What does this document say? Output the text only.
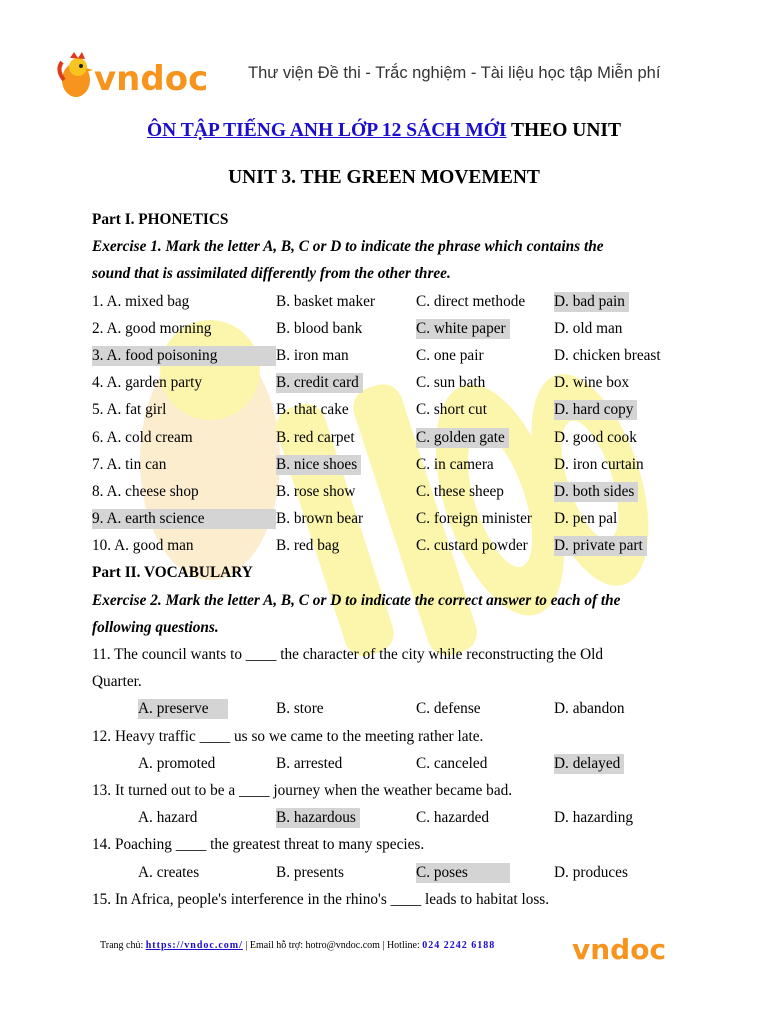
vndoc Thư viện Đề thi - Trắc nghiệm - Tài liệu học tập Miễn phí
ÔN TẬP TIẾNG ANH LỚP 12 SÁCH MỚI THEO UNIT
UNIT 3. THE GREEN MOVEMENT
Part I. PHONETICS
Exercise 1. Mark the letter A, B, C or D to indicate the phrase which contains the
sound that is assimilated differently from the other three.
1. A. mixed bag	B. basket maker	C. direct methode D. bad pain
2. A. good morning	B. blood bank	C. white paper	D. old man
3. A. food poisoning	B. iron man	C. one pair	D. chicken breast
4. A. garden party	B. credit card	C. sun bath	D. wine box
5. A. fat girl	B. that cake	C. short cut	D. hard copy
6. A. cold cream	B. red carpet	C. golden gate	D. good cook
7. A. tin can	B. nice shoes	C. in camera	D. iron curtain
8. A. cheese shop	B. rose show	C. these sheep	D. both sides
9. A. earth science	B. brown bear	C. foreign minister D. pen pal
10. A. good man	B. red bag	C. custard powder D. private part
Part II. VOCABULARY
Exercise 2. Mark the letter A, B, C or D to indicate the correct answer to each of the
following questions.
11. The council wants to ____ the character of the city while reconstructing the Old
Quarter.
A. preserve	B. store	C. defense	D. abandon
12. Heavy traffic ____ us so we came to the meeting rather late.
A. promoted	B. arrested	C. canceled	D. delayed
13. It turned out to be a ____ journey when the weather became bad.
A. hazard	B. hazardous	C. hazarded	D. hazarding
14. Poaching ____ the greatest threat to many species.
A. creates	B. presents	C. poses	D. produces
15. In Africa, people's interference in the rhino's ____ leads to habitat loss.
Trang chủ: https://vndoc.com/ | Email hỗ trợ: hotro@vndoc.com | Hotline: 024 2242 6188	vndoc
